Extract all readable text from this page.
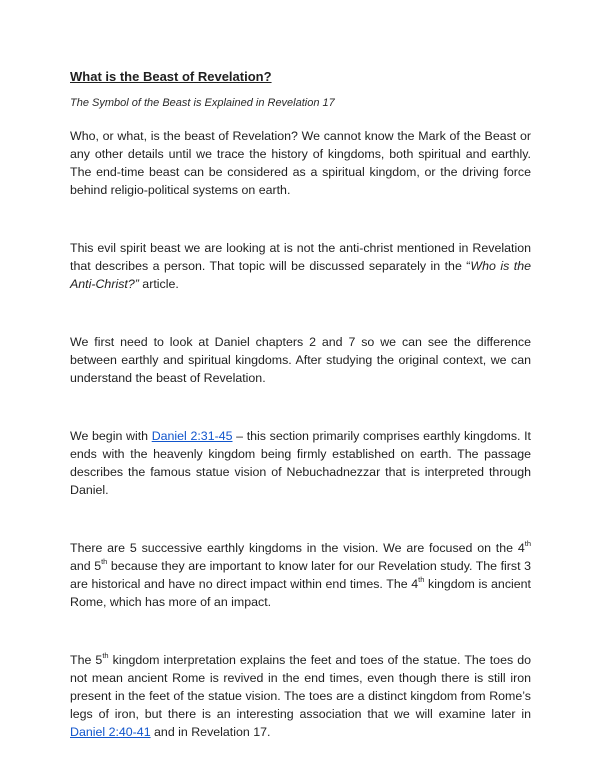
What is the Beast of Revelation?

The Symbol of the Beast is Explained in Revelation 17

Who, or what, is the beast of Revelation? We cannot know the Mark of the Beast or any other details until we trace the history of kingdoms, both spiritual and earthly. The end-time beast can be considered as a spiritual kingdom, or the driving force behind religio-political systems on earth.

This evil spirit beast we are looking at is not the anti-christ mentioned in Revelation that describes a person. That topic will be discussed separately in the “Who is the Anti-Christ?” article.

We first need to look at Daniel chapters 2 and 7 so we can see the difference between earthly and spiritual kingdoms. After studying the original context, we can understand the beast of Revelation.

We begin with Daniel 2:31-45 – this section primarily comprises earthly kingdoms. It ends with the heavenly kingdom being firmly established on earth. The passage describes the famous statue vision of Nebuchadnezzar that is interpreted through Daniel.

There are 5 successive earthly kingdoms in the vision. We are focused on the 4th and 5th because they are important to know later for our Revelation study. The first 3 are historical and have no direct impact within end times. The 4th kingdom is ancient Rome, which has more of an impact.

The 5th kingdom interpretation explains the feet and toes of the statue. The toes do not mean ancient Rome is revived in the end times, even though there is still iron present in the feet of the statue vision. The toes are a distinct kingdom from Rome’s legs of iron, but there is an interesting association that we will examine later in Daniel 2:40-41 and in Revelation 17.
